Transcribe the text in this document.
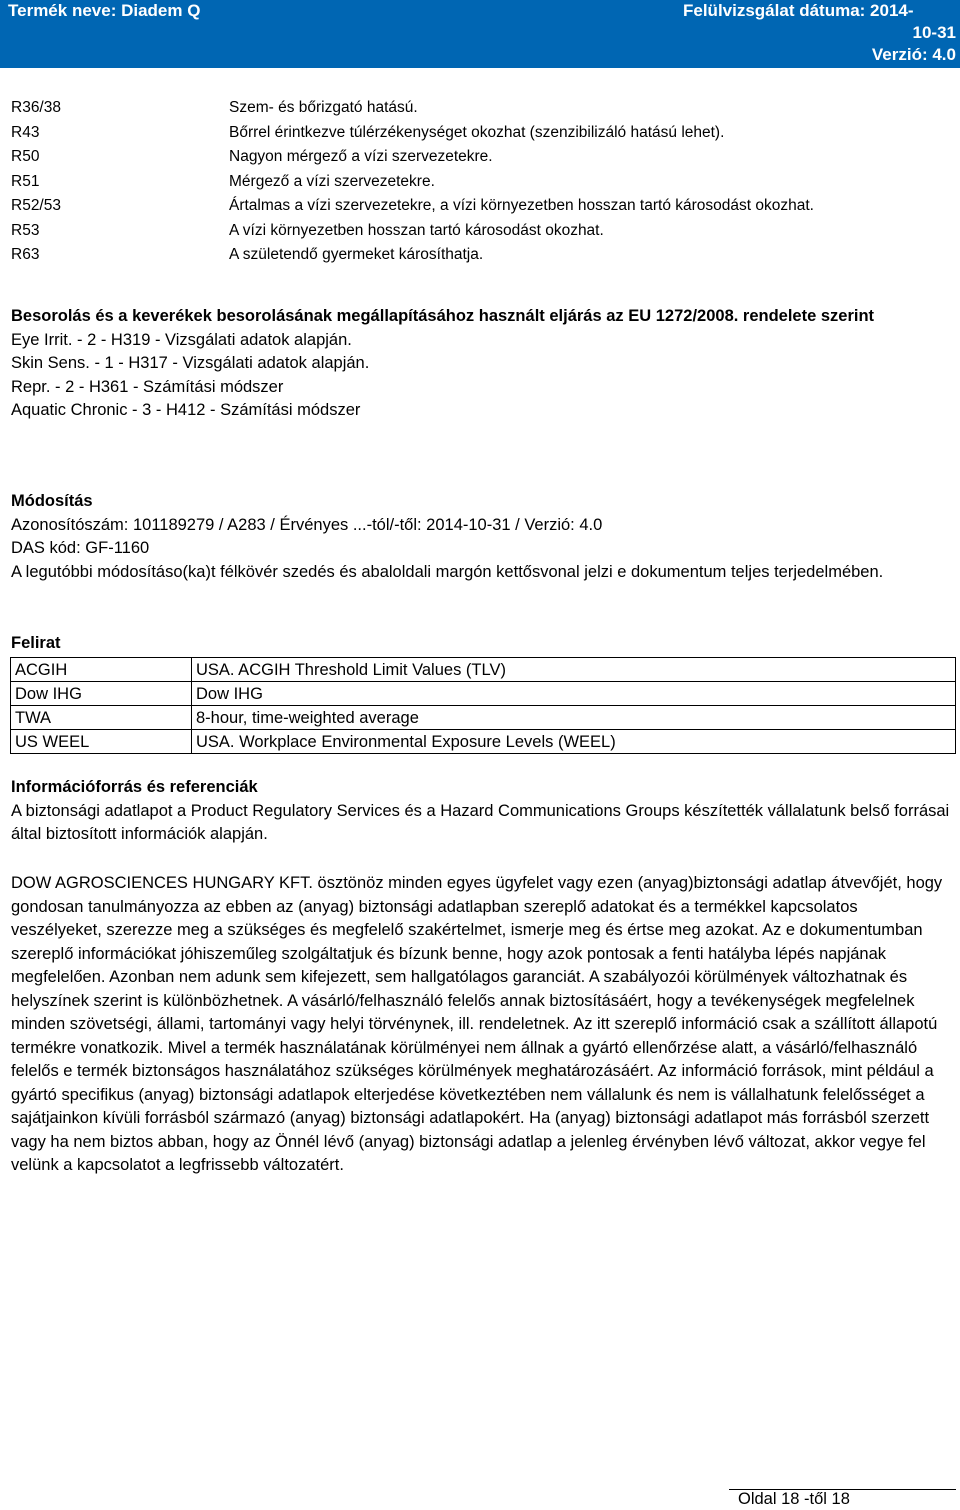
Termék neve: Diadem Q	Felülvizsgálat dátuma: 2014-
10-31
Verzió: 4.0
R36/38	Szem- és bőrizgató hatású.
R43	Bőrrel érintkezve túlérzékenységet okozhat (szenzibilizáló hatású lehet).
R50	Nagyon mérgező a vízi szervezetekre.
R51	Mérgező a vízi szervezetekre.
R52/53	Ártalmas a vízi szervezetekre, a vízi környezetben hosszan tartó károsodást okozhat.
R53	A vízi környezetben hosszan tartó károsodást okozhat.
R63	A születendő gyermeket károsíthatja.
Besorolás és a keverékek besorolásának megállapításához használt eljárás az EU 1272/2008. rendelete szerint
Eye Irrit. - 2 - H319 - Vizsgálati adatok alapján.
Skin Sens. - 1 - H317 - Vizsgálati adatok alapján.
Repr. - 2 - H361 - Számítási módszer
Aquatic Chronic - 3 - H412 - Számítási módszer
Módosítás
Azonosítószám: 101189279 / A283 / Érvényes ...-tól/-től: 2014-10-31 / Verzió: 4.0
DAS kód: GF-1160
A legutóbbi módosításo(ka)t félkövér szedés és abaloldali margón kettősvonal jelzi e dokumentum teljes terjedelmében.
Felirat
ACGIH	USA. ACGIH Threshold Limit Values (TLV)
Dow IHG	Dow IHG
TWA	8-hour, time-weighted average
US WEEL	USA. Workplace Environmental Exposure Levels (WEEL)
Információforrás és referenciák
A biztonsági adatlapot a Product Regulatory Services és a Hazard Communications Groups készítették vállalatunk belső forrásai által biztosított információk alapján.
DOW AGROSCIENCES HUNGARY KFT. ösztönöz minden egyes ügyfelet vagy ezen (anyag)biztonsági adatlap átvevőjét, hogy gondosan tanulmányozza az ebben az (anyag) biztonsági adatlapban szereplő adatokat és a termékkel kapcsolatos veszélyeket, szerezze meg a szükséges és megfelelő szakértelmet, ismerje meg és értse meg azokat. Az e dokumentumban szereplő információkat jóhiszeműleg szolgáltatjuk és bízunk benne, hogy azok pontosak a fenti hatályba lépés napjának megfelelően. Azonban nem adunk sem kifejezett, sem hallgatólagos garanciát. A szabályozói körülmények változhatnak és helyszínek szerint is különbözhetnek. A vásárló/felhasználó felelős annak biztosításáért, hogy a tevékenységek megfelelnek minden szövetségi, állami, tartományi vagy helyi törvénynek, ill. rendeletnek. Az itt szereplő információ csak a szállított állapotú termékre vonatkozik. Mivel a termék használatának körülményei nem állnak a gyártó ellenőrzése alatt, a vásárló/felhasználó felelős e termék biztonságos használatához szükséges körülmények meghatározásáért. Az információ források, mint például a gyártó specifikus (anyag) biztonsági adatlapok elterjedése következtében nem vállalunk és nem is vállalhatunk felelősséget a sajátjainkon kívüli forrásból származó (anyag) biztonsági adatlapokért. Ha (anyag) biztonsági adatlapot más forrásból szerzett vagy ha nem biztos abban, hogy az Önnél lévő (anyag) biztonsági adatlap a jelenleg érvényben lévő változat, akkor vegye fel velünk a kapcsolatot a legfrissebb változatért.
Oldal 18 -től 18
